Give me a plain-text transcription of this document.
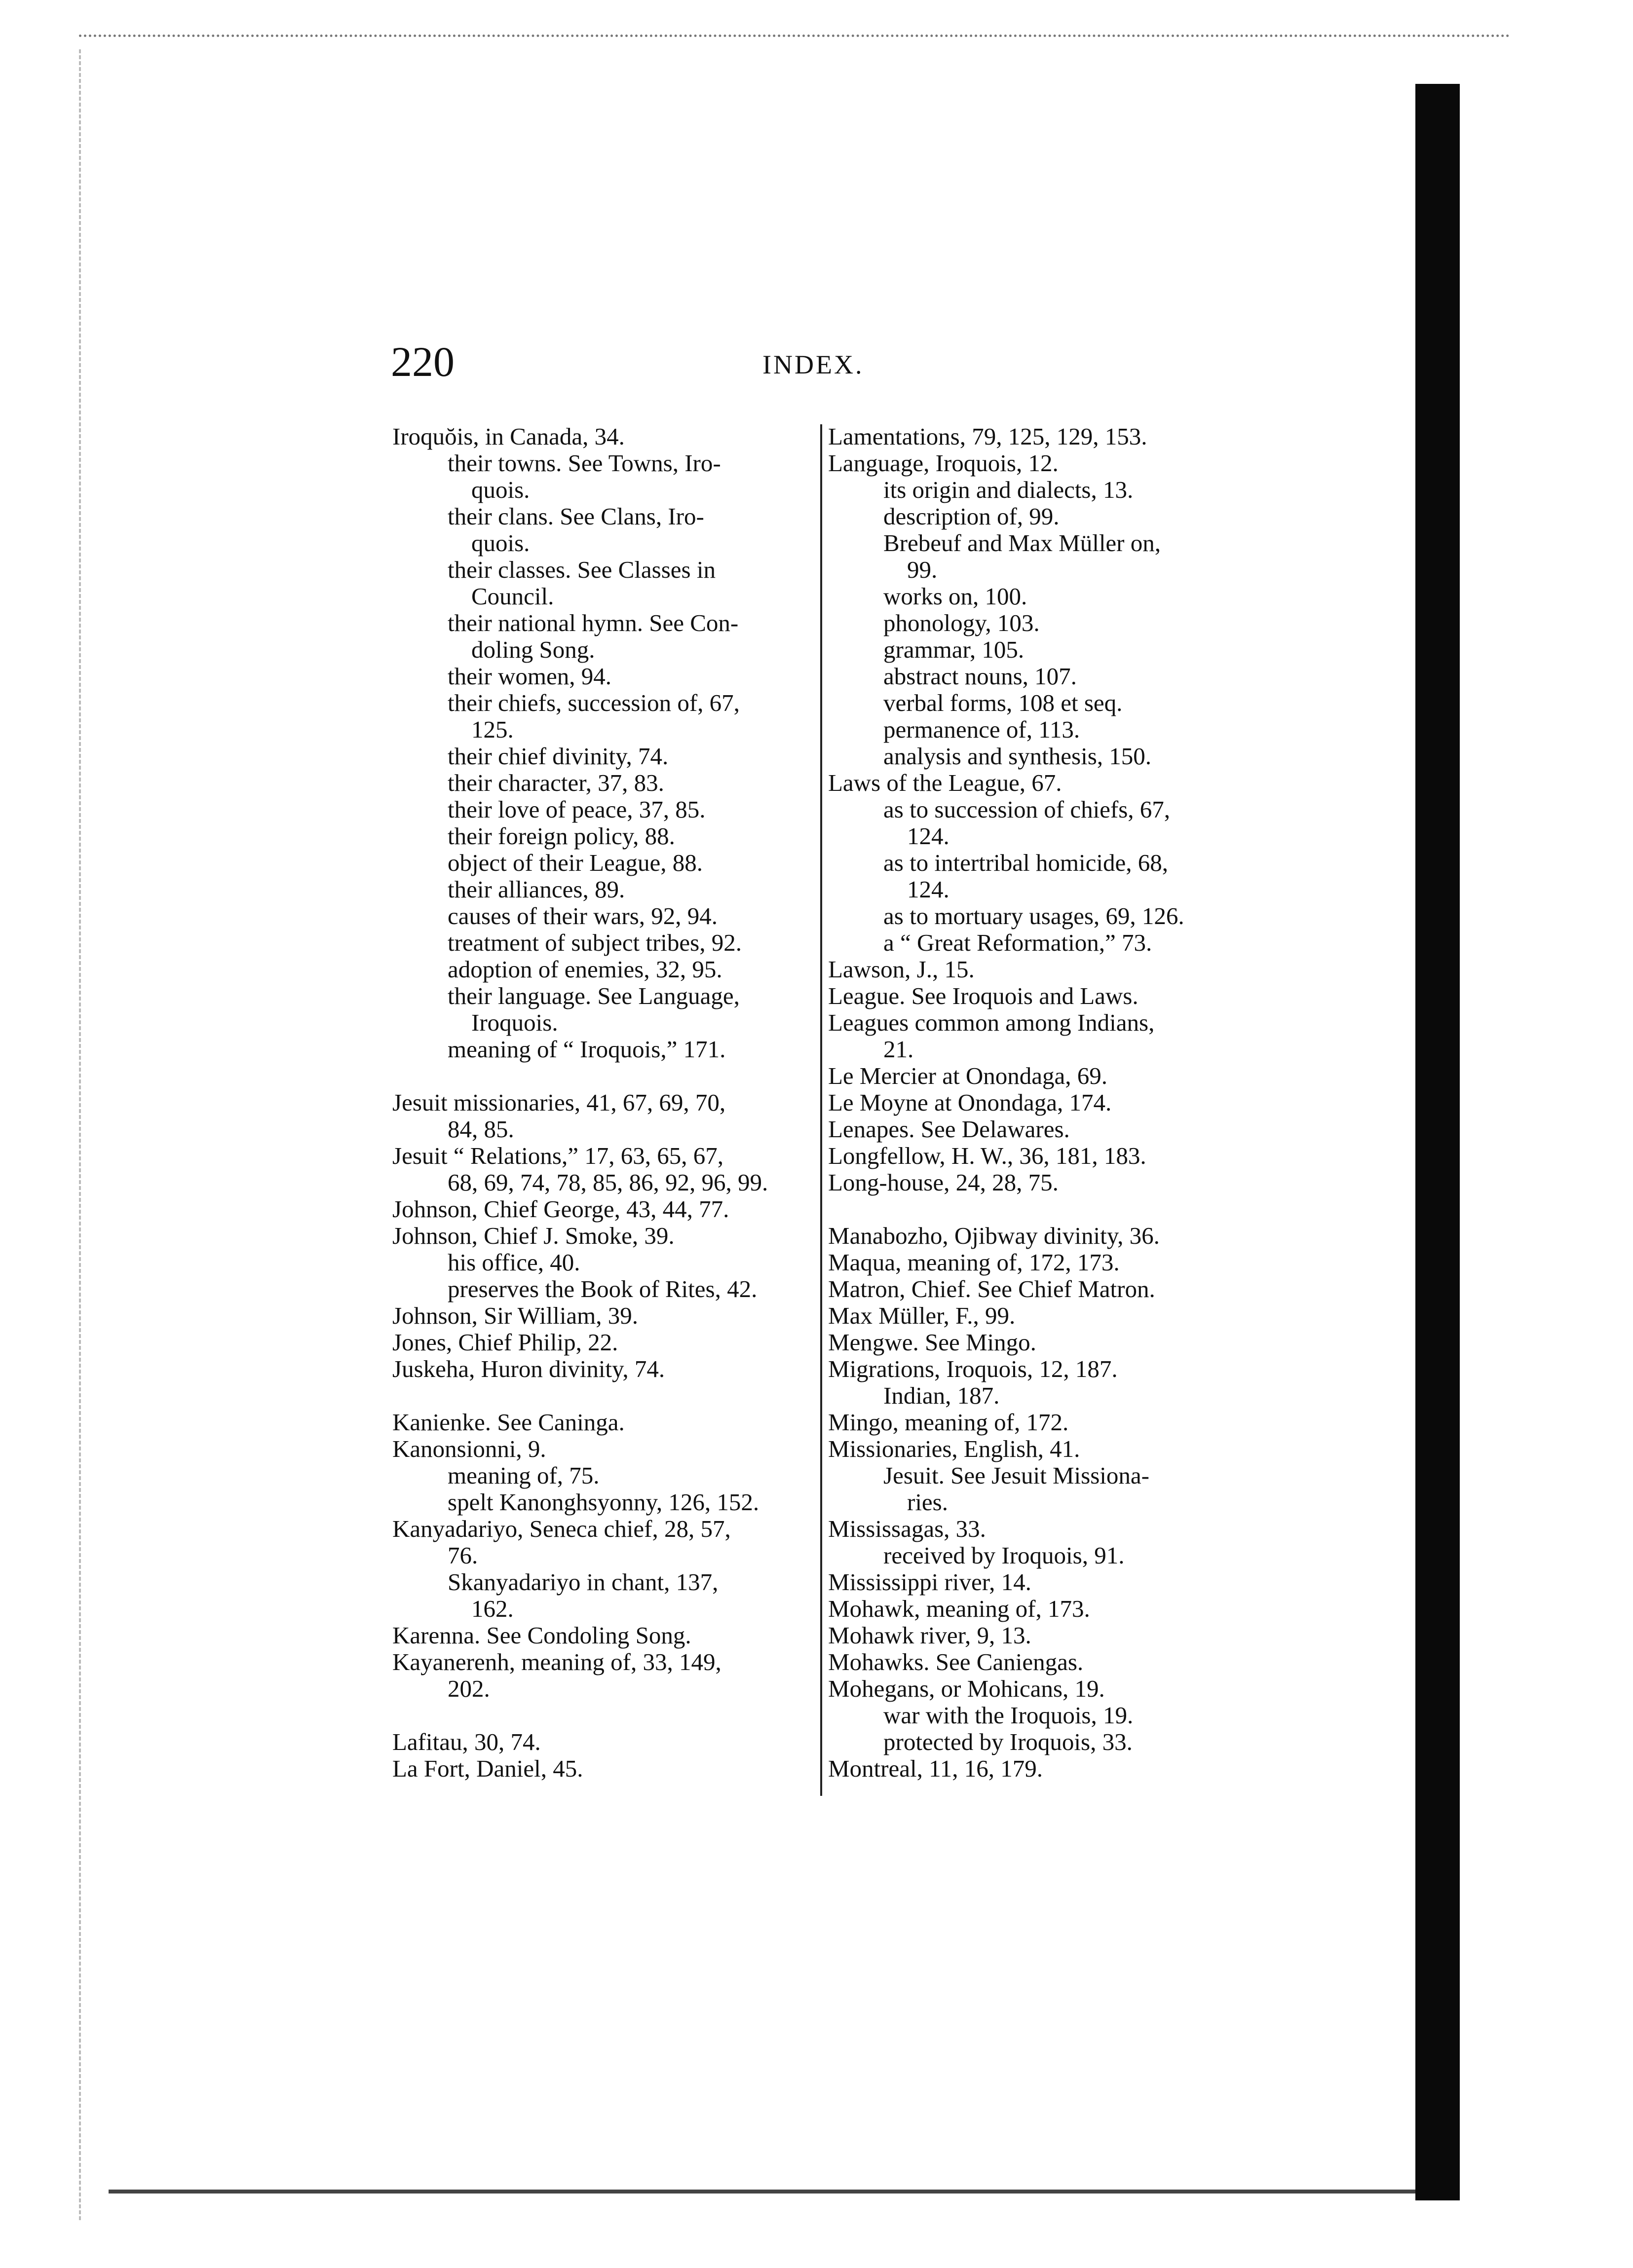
220	INDEX.
Iroquŏis, in Canada, 34.
their towns. See Towns, Iro-
quois.
their clans. See Clans, Iro-
quois.
their classes. See Classes in
Council.
their national hymn. See Con-
doling Song.
their women, 94.
their chiefs, succession of, 67,
125.
their chief divinity, 74.
their character, 37, 83.
their love of peace, 37, 85.
their foreign policy, 88.
object of their League, 88.
their alliances, 89.
causes of their wars, 92, 94.
treatment of subject tribes, 92.
adoption of enemies, 32, 95.
their language. See Language,
Iroquois.
meaning of “ Iroquois,” 171.
Jesuit missionaries, 41, 67, 69, 70,
84, 85.
Jesuit “ Relations,” 17, 63, 65, 67,
68, 69, 74, 78, 85, 86, 92, 96, 99.
Johnson, Chief George, 43, 44, 77.
Johnson, Chief J. Smoke, 39.
his office, 40.
preserves the Book of Rites, 42.
Johnson, Sir William, 39.
Jones, Chief Philip, 22.
Juskeha, Huron divinity, 74.
Kanienke. See Caninga.
Kanonsionni, 9.
meaning of, 75.
spelt Kanonghsyonny, 126, 152.
Kanyadariyo, Seneca chief, 28, 57,
76.
Skanyadariyo in chant, 137,
162.
Karenna. See Condoling Song.
Kayanerenh, meaning of, 33, 149,
202.
Lafitau, 30, 74.
La Fort, Daniel, 45.
Lamentations, 79, 125, 129, 153.
Language, Iroquois, 12.
its origin and dialects, 13.
description of, 99.
Brebeuf and Max Müller on,
99.
works on, 100.
phonology, 103.
grammar, 105.
abstract nouns, 107.
verbal forms, 108 et seq.
permanence of, 113.
analysis and synthesis, 150.
Laws of the League, 67.
as to succession of chiefs, 67,
124.
as to intertribal homicide, 68,
124.
as to mortuary usages, 69, 126.
a “ Great Reformation,” 73.
Lawson, J., 15.
League. See Iroquois and Laws.
Leagues common among Indians,
21.
Le Mercier at Onondaga, 69.
Le Moyne at Onondaga, 174.
Lenapes. See Delawares.
Longfellow, H. W., 36, 181, 183.
Long-house, 24, 28, 75.
Manabozho, Ojibway divinity, 36.
Maqua, meaning of, 172, 173.
Matron, Chief. See Chief Matron.
Max Müller, F., 99.
Mengwe. See Mingo.
Migrations, Iroquois, 12, 187.
Indian, 187.
Mingo, meaning of, 172.
Missionaries, English, 41.
Jesuit. See Jesuit Missiona-
ries.
Mississagas, 33.
received by Iroquois, 91.
Mississippi river, 14.
Mohawk, meaning of, 173.
Mohawk river, 9, 13.
Mohawks. See Caniengas.
Mohegans, or Mohicans, 19.
war with the Iroquois, 19.
protected by Iroquois, 33.
Montreal, 11, 16, 179.
